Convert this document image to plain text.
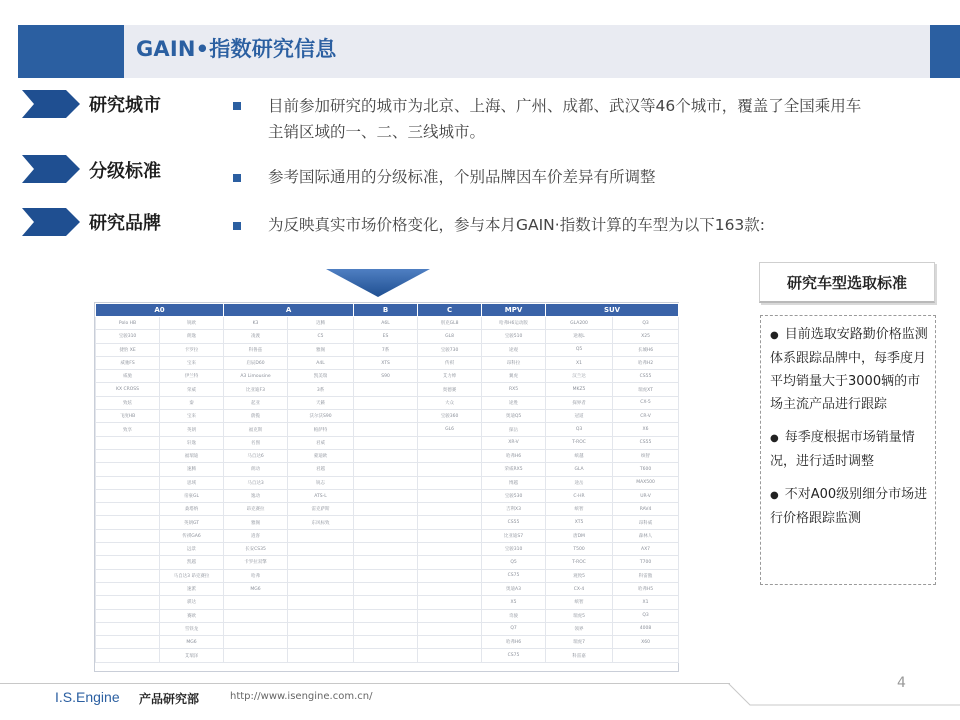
GAIN•指数研究信息
研究城市	目前参加研究的城市为北京、上海、广州、成都、武汉等46个城市，覆盖了全国乘用车
主销区域的一、二、三线城市。
分级标准	参考国际通用的分级标准，个别品牌因车价差异有所调整
研究品牌	为反映真实市场价格变化，参与本月GAIN·指数计算的车型为以下163款:
A0		A		B	C	MPV	SUV	
Polo HB	锐欧	K3	迈腾	A6L	别克GL8	哈弗H6运动版	GLA200	Q3
宝骏310	朗逸	凌渡	C5	ES	GL8	宝骏510	途观L	X25
捷豹 XE	卡罗拉	科鲁兹	雅阁	7系	宝骏730	途观	Q5	长城H6
威驰FS	宝来	启辰D60	A4L	XTS	传祺	昂科拉	X1	哈弗H2
威驰	伊兰特	A3 Limousine	凯美瑞	S90	艾力绅	翼虎	汉兰达	CS55
KX CROSS	荣威	比亚迪F3	3系		奥德赛	RX5	MKZ5	瑞虎XT
致炫	秦	起亚	天籁		大众	途胜	探界者	CX-5
飞度HB	宝来	蔚揽	沃尔沃S90		宝骏360	奥迪Q5	冠道	CR-V
致享	英朗	福克斯	帕萨特		GL6	探岳	Q3	X6
	轩逸	名图	君威			XR-V	T-ROC	CS55
	福瑞迪	马自达6	蒙迪欧			哈弗H6	缤越	缤智
	速腾	朗动	君越			荣威RX5	GLA	T600
	思域	马自达3	锐志			博越	途岳	MAX500
	帝豪GL	逸动	ATS-L			宝骏530	C-HR	UR-V
	桑塔纳	昂克赛拉	雷克萨斯			吉利X3	缤智	RAV4
	英朗GT	雅阁	东风标致			CS55	XT5	昂科威
	传祺GA6	逍客				比亚迪S7	唐DM	森林人
	远景	长安CS35				宝骏310	T500	AX7
	凯越	卡罗拉双擎				Q5	T-ROC	T700
	马自达3 昂克赛拉	哈弗				CS75	观致5	科雷傲
	速派	MG6				奥迪A3	CX-4	哈弗H5
	骐达					X5	缤智	X1
	赛欧					奇骏	瑞虎5	Q3
	雪铁龙					Q7	领界	4008
	MG6					哈弗H6	瑞虎7	X60
	艾瑞泽					CS75	科雷嘉	
研究车型选取标准
● 目前选取安路勤价格监测体系跟踪品牌中，每季度月平均销量大于3000辆的市场主流产品进行跟踪
● 每季度根据市场销量情况，进行适时调整
● 不对A00级别细分市场进行价格跟踪监测
I.S.Engine 产品研究部	http://www.isengine.com.cn/
4
